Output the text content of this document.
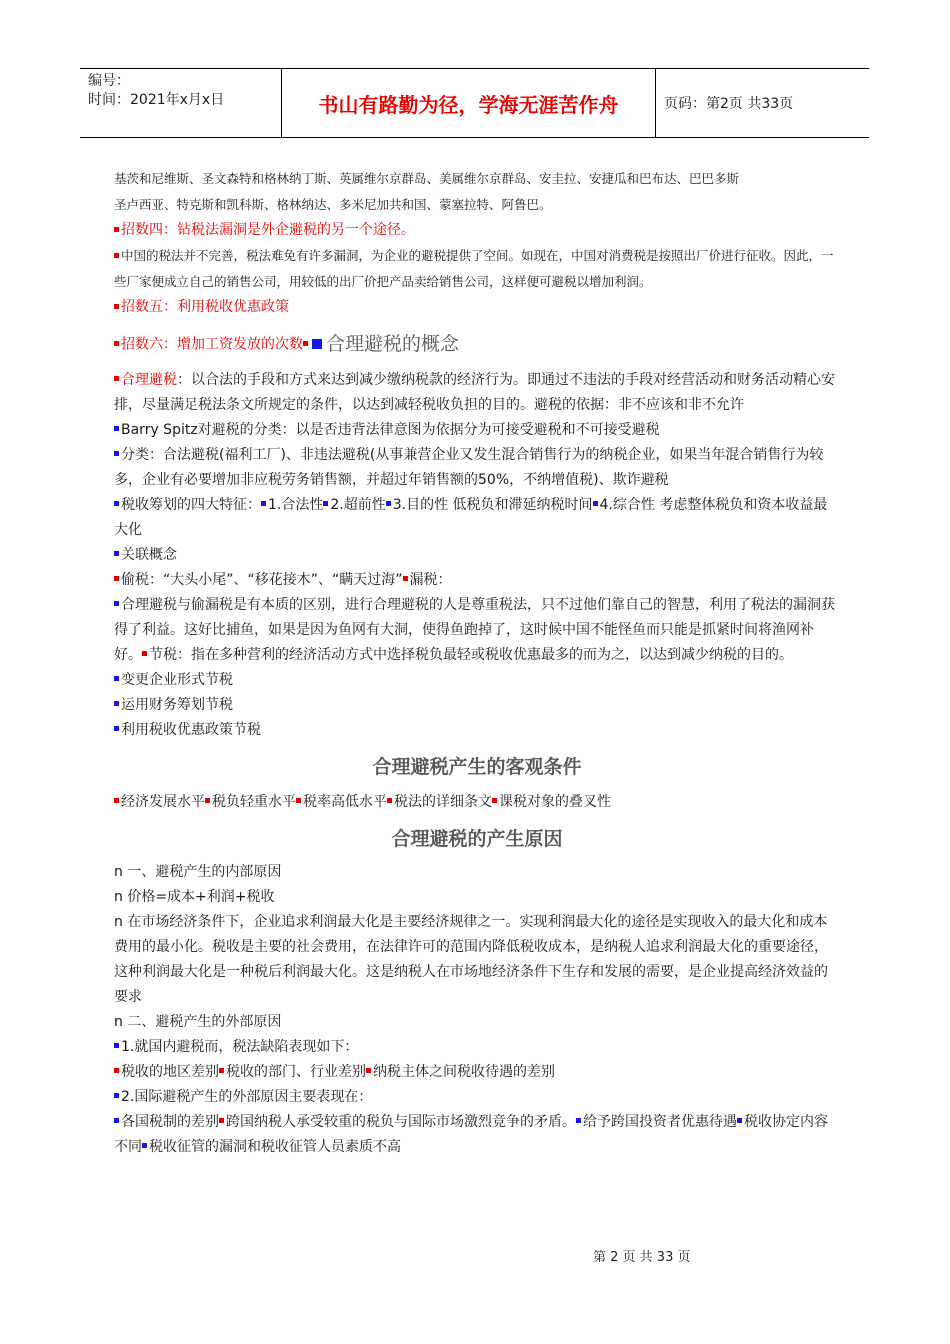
编号：
时间：2021年x月x日	书山有路勤为径，学海无涯苦作舟	页码：第2页 共33页

基茨和尼维斯、圣文森特和格林纳丁斯、英属维尔京群岛、美属维尔京群岛、安圭拉、安捷瓜和巴布达、巴巴多斯

圣卢西亚、特克斯和凯科斯、格林纳达、多米尼加共和国、蒙塞拉特、阿鲁巴。

招数四：钻税法漏洞是外企避税的另一个途径。

中国的税法并不完善，税法难免有许多漏洞，为企业的避税提供了空间。如现在，中国对消费税是按照出厂价进行征收。因此，一些厂家便成立自己的销售公司，用较低的出厂价把产品卖给销售公司，这样便可避税以增加利润。

招数五：利用税收优惠政策

招数六：增加工资发放的次数 合理避税的概念

合理避税：以合法的手段和方式来达到减少缴纳税款的经济行为。即通过不违法的手段对经营活动和财务活动精心安排，尽量满足税法条文所规定的条件，以达到减轻税收负担的目的。避税的依据：非不应该和非不允许

Barry Spitz对避税的分类：以是否违背法律意图为依据分为可接受避税和不可接受避税

分类：合法避税(福利工厂)、非违法避税(从事兼营企业又发生混合销售行为的纳税企业，如果当年混合销售行为较多，企业有必要增加非应税劳务销售额，并超过年销售额的50%，不纳增值税)、欺诈避税

税收筹划的四大特征： 1.合法性 2.超前性 3.目的性 低税负和滞延纳税时间 4.综合性 考虑整体税负和资本收益最大化

关联概念

偷税：“大头小尾”、“移花接木”、“瞒天过海” 漏税：

合理避税与偷漏税是有本质的区别，进行合理避税的人是尊重税法，只不过他们靠自己的智慧，利用了税法的漏洞获得了利益。这好比捕鱼，如果是因为鱼网有大洞，使得鱼跑掉了，这时候中国不能怪鱼而只能是抓紧时间将渔网补好。 节税：指在多种营利的经济活动方式中选择税负最轻或税收优惠最多的而为之，以达到减少纳税的目的。

变更企业形式节税

运用财务筹划节税

利用税收优惠政策节税

合理避税产生的客观条件

经济发展水平 税负轻重水平 税率高低水平 税法的详细条文 课税对象的叠叉性

合理避税的产生原因

n 一、避税产生的内部原因

n 价格=成本+利润+税收

n 在市场经济条件下，企业追求利润最大化是主要经济规律之一。实现利润最大化的途径是实现收入的最大化和成本费用的最小化。税收是主要的社会费用，在法律许可的范围内降低税收成本，是纳税人追求利润最大化的重要途径，这种利润最大化是一种税后利润最大化。这是纳税人在市场地经济条件下生存和发展的需要，是企业提高经济效益的要求

n 二、避税产生的外部原因

1.就国内避税而，税法缺陷表现如下：

税收的地区差别 税收的部门、行业差别 纳税主体之间税收待遇的差别

2.国际避税产生的外部原因主要表现在：

各国税制的差别 跨国纳税人承受较重的税负与国际市场激烈竞争的矛盾。 给予跨国投资者优惠待遇 税收协定内容不同 税收征管的漏洞和税收征管人员素质不高

第 2 页 共 33 页
